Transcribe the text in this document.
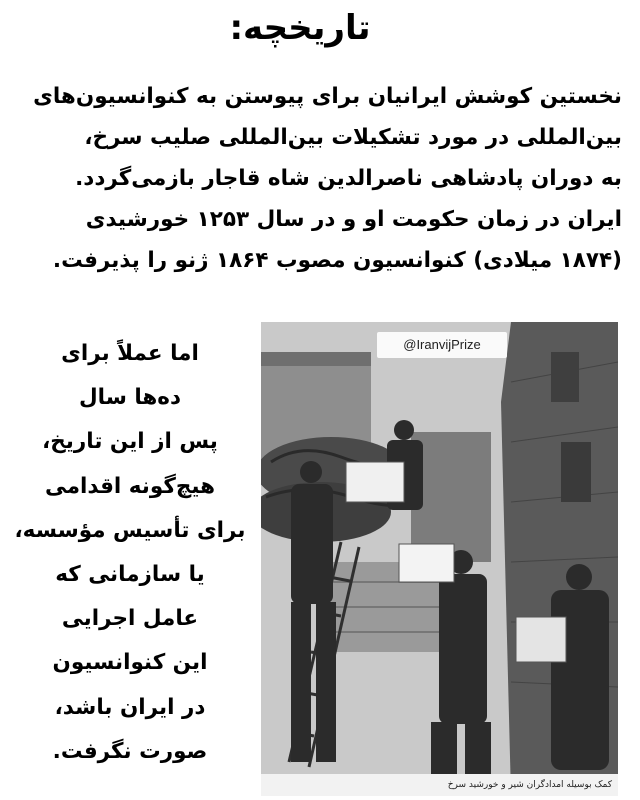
تاریخچه:
نخستین کوشش ایرانیان برای پیوستن به کنوانسیون‌های
بین‌المللی در مورد تشکیلات بین‌المللی صلیب سرخ،
به دوران پادشاهی ناصرالدین شاه قاجار بازمی‌گردد.
ایران در زمان حکومت او و در سال ۱۲۵۳ خورشیدی
(۱۸۷۴ میلادی) کنوانسیون مصوب ۱۸۶۴ ژنو را پذیرفت.
اما عملاً برای
ده‌ها سال
پس از این تاریخ،
هیچ‌گونه اقدامی
برای تأسیس مؤسسه،
یا سازمانی که
عامل اجرایی
این کنوانسیون
در ایران باشد،
صورت نگرفت.
@IranvijPrize
کمک بوسیله امدادگران شیر و خورشید سرخ
